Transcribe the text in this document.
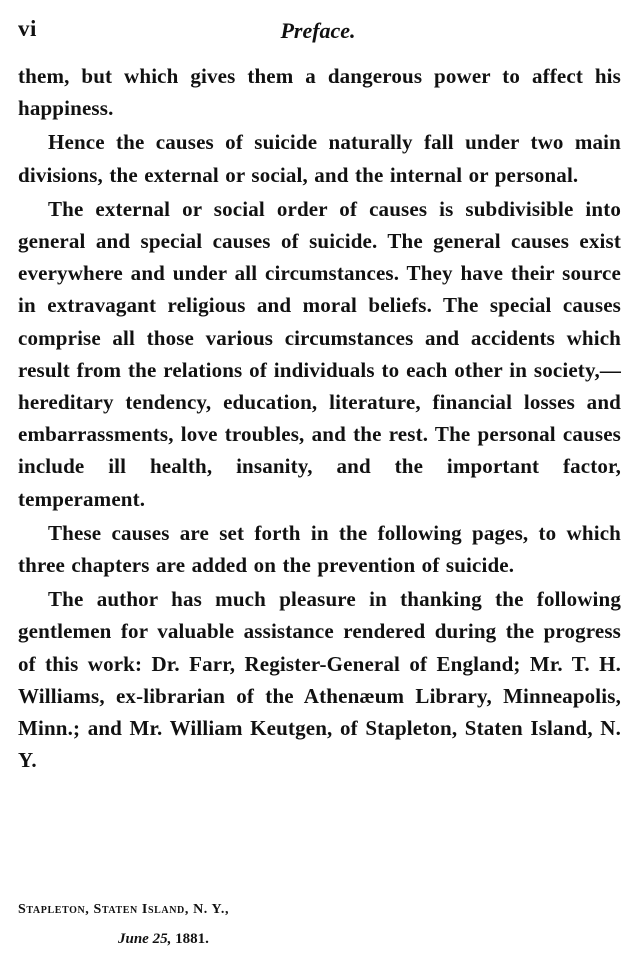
vi	Preface.

them, but which gives them a dangerous power to affect his happiness.

Hence the causes of suicide naturally fall under two main divisions, the external or social, and the internal or personal.

The external or social order of causes is subdivisible into general and special causes of suicide. The general causes exist everywhere and under all circumstances. They have their source in extravagant religious and moral beliefs. The special causes comprise all those various circumstances and accidents which result from the relations of individuals to each other in society,—hereditary tendency, education, literature, financial losses and embarrassments, love troubles, and the rest. The personal causes include ill health, insanity, and the important factor, temperament.

These causes are set forth in the following pages, to which three chapters are added on the prevention of suicide.

The author has much pleasure in thanking the following gentlemen for valuable assistance rendered during the progress of this work: Dr. Farr, Register-General of England; Mr. T. H. Williams, ex-librarian of the Athenæum Library, Minneapolis, Minn.; and Mr. William Keutgen, of Stapleton, Staten Island, N. Y.

Stapleton, Staten Island, N. Y.,
June 25, 1881.
